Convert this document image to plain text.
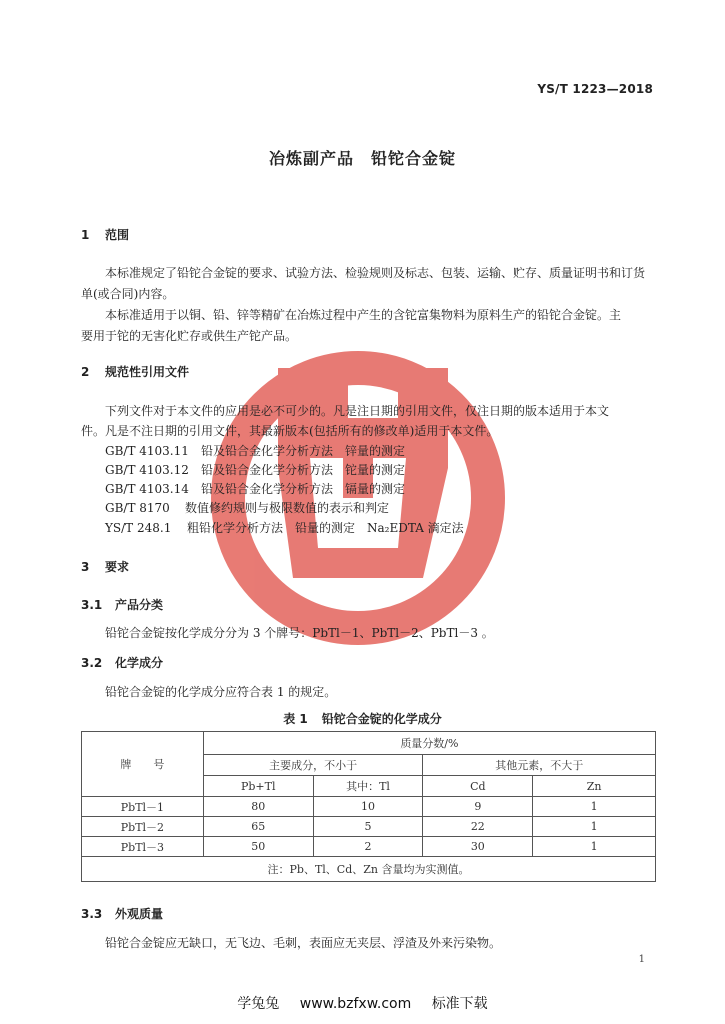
YS/T 1223—2018
冶炼副产品　铅铊合金锭
1 范围
本标准规定了铅铊合金锭的要求、试验方法、检验规则及标志、包装、运输、贮存、质量证明书和订货
单(或合同)内容。
本标准适用于以铜、铅、锌等精矿在冶炼过程中产生的含铊富集物料为原料生产的铅铊合金锭。主
要用于铊的无害化贮存或供生产铊产品。
2 规范性引用文件
下列文件对于本文件的应用是必不可少的。凡是注日期的引用文件，仅注日期的版本适用于本文
件。凡是不注日期的引用文件，其最新版本(包括所有的修改单)适用于本文件。
GB/T 4103.11 铅及铅合金化学分析方法　锌量的测定
GB/T 4103.12 铅及铅合金化学分析方法　铊量的测定
GB/T 4103.14 铅及铅合金化学分析方法　镉量的测定
GB/T 8170 数值修约规则与极限数值的表示和判定
YS/T 248.1 粗铅化学分析方法　铅量的测定　Na₂EDTA 滴定法
3 要求
3.1 产品分类
铅铊合金锭按化学成分分为 3 个牌号：PbTl－1、PbTl－2、PbTl－3 。
3.2 化学成分
铅铊合金锭的化学成分应符合表 1 的规定。
表 1 铅铊合金锭的化学成分
牌　　号	质量分数/%			
	主要成分，不小于		其他元素，不大于	
	Pb+Tl	其中：Tl	Cd	Zn
PbTl－1	80	10	9	1
PbTl－2	65	5	22	1
PbTl－3	50	2	30	1
注：Pb、Tl、Cd、Zn 含量均为实测值。				
3.3 外观质量
铅铊合金锭应无缺口，无飞边、毛刺，表面应无夹层、浮渣及外来污染物。
1
学兔兔 www.bzfxw.com 标准下载
